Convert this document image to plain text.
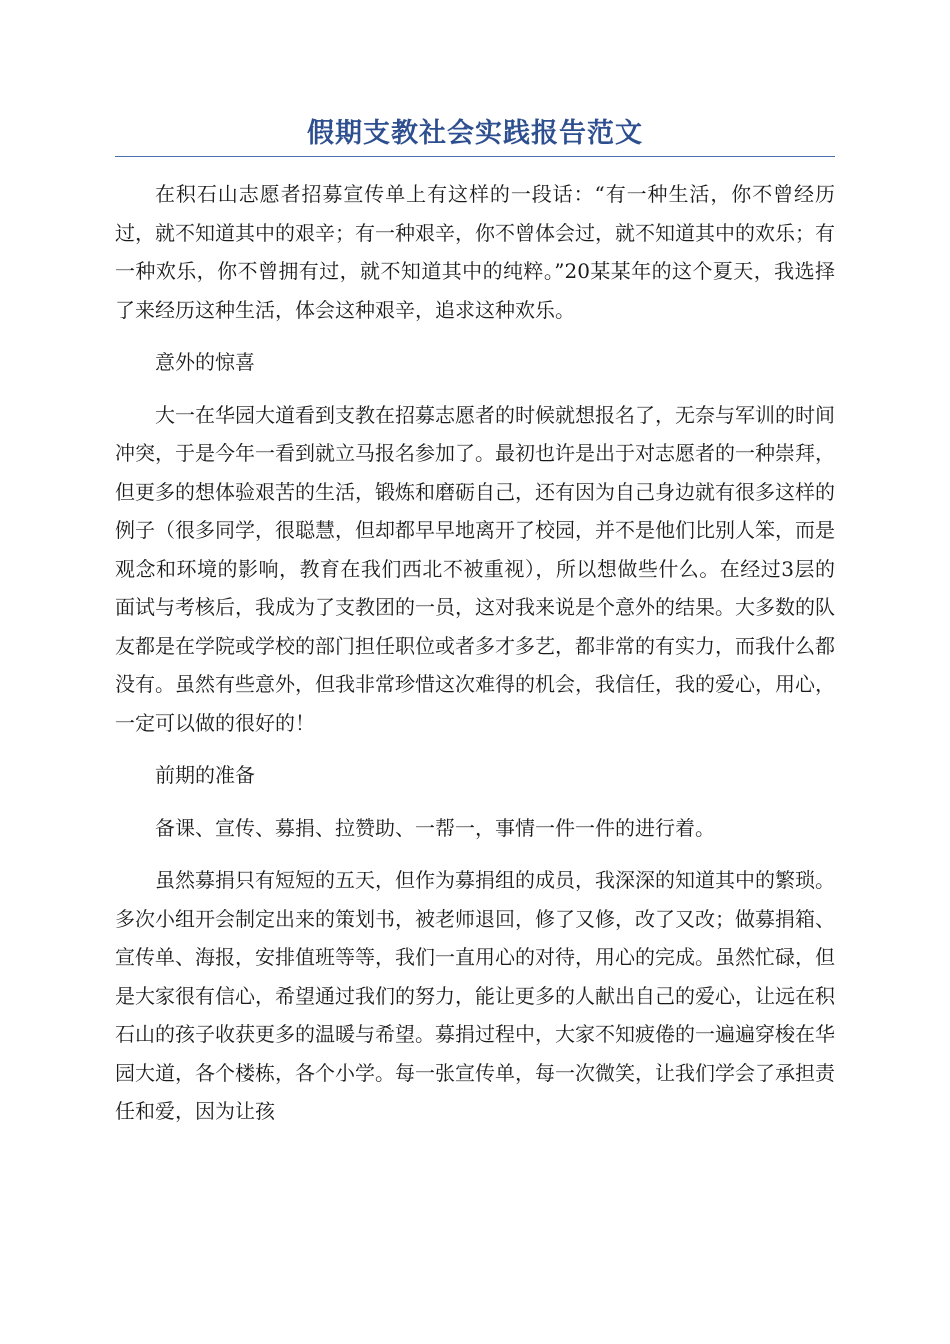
假期支教社会实践报告范文

在积石山志愿者招募宣传单上有这样的一段话：“有一种生活，你不曾经历过，就不知道其中的艰辛；有一种艰辛，你不曾体会过，就不知道其中的欢乐；有一种欢乐，你不曾拥有过，就不知道其中的纯粹。”20某某年的这个夏天，我选择了来经历这种生活，体会这种艰辛，追求这种欢乐。

意外的惊喜

大一在华园大道看到支教在招募志愿者的时候就想报名了，无奈与军训的时间冲突，于是今年一看到就立马报名参加了。最初也许是出于对志愿者的一种崇拜，但更多的想体验艰苦的生活，锻炼和磨砺自己，还有因为自己身边就有很多这样的例子（很多同学，很聪慧，但却都早早地离开了校园，并不是他们比别人笨，而是观念和环境的影响，教育在我们西北不被重视），所以想做些什么。在经过3层的面试与考核后，我成为了支教团的一员，这对我来说是个意外的结果。大多数的队友都是在学院或学校的部门担任职位或者多才多艺，都非常的有实力，而我什么都没有。虽然有些意外，但我非常珍惜这次难得的机会，我信任，我的爱心，用心，一定可以做的很好的！

前期的准备

备课、宣传、募捐、拉赞助、一帮一，事情一件一件的进行着。

虽然募捐只有短短的五天，但作为募捐组的成员，我深深的知道其中的繁琐。多次小组开会制定出来的策划书，被老师退回，修了又修，改了又改；做募捐箱、宣传单、海报，安排值班等等，我们一直用心的对待，用心的完成。虽然忙碌，但是大家很有信心，希望通过我们的努力，能让更多的人献出自己的爱心，让远在积石山的孩子收获更多的温暖与希望。募捐过程中，大家不知疲倦的一遍遍穿梭在华园大道，各个楼栋，各个小学。每一张宣传单，每一次微笑，让我们学会了承担责任和爱，因为让孩
